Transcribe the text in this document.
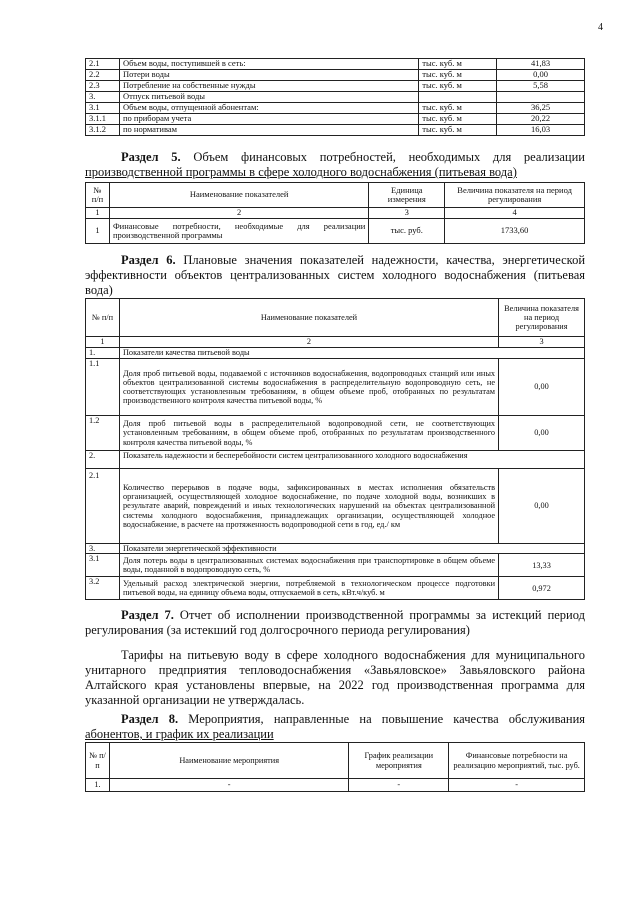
4
2.1	Объем воды, поступившей в сеть:	тыс. куб. м	41,83
2.2	Потери воды	тыс. куб. м	0,00
2.3	Потребление на собственные нужды	тыс. куб. м	5,58
3.	Отпуск питьевой воды		
3.1	Объем воды, отпущенной абонентам:	тыс. куб. м	36,25
3.1.1	по приборам учета	тыс. куб. м	20,22
3.1.2	по нормативам	тыс. куб. м	16,03
Раздел 5. Объем финансовых потребностей, необходимых для реализации
производственной программы в сфере холодного водоснабжения (питьевая вода)
№ п/п	Наименование показателей	Единица измерения	Величина показателя на период регулирования
1	2	3	4
1	Финансовые потребности, необходимые для реализации производственной программы	тыс. руб.	1733,60
Раздел 6. Плановые значения показателей надежности, качества, энергетической
эффективности объектов централизованных систем холодного водоснабжения (питьевая
вода)
№ п/п	Наименование показателей	Величина показателя на период регулирования
1	2	3
1.	Показатели качества питьевой воды	
1.1	Доля проб питьевой воды, подаваемой с источников водоснабжения, водопроводных станций или иных объектов централизованной системы водоснабжения в распределительную водопроводную сеть, не соответствующих установленным требованиям, в общем объеме проб, отобранных по результатам производственного контроля качества питьевой воды, %	0,00
1.2	Доля проб питьевой воды в распределительной водопроводной сети, не соответствующих установленным требованиям, в общем объеме проб, отобранных по результатам производственного контроля качества питьевой воды, %	0,00
2.	Показатель надежности и бесперебойности систем централизованного холодного водоснабжения	
2.1	Количество перерывов в подаче воды, зафиксированных в местах исполнения обязательств организацией, осуществляющей холодное водоснабжение, по подаче холодной воды, возникших в результате аварий, повреждений и иных технологических нарушений на объектах централизованной системы холодного водоснабжения, принадлежащих организации, осуществляющей холодное водоснабжение, в расчете на протяженность водопроводной сети в год, ед./ км	0,00
3.	Показатели энергетической эффективности	
3.1	Доля потерь воды в централизованных системах водоснабжения при транспортировке в общем объеме воды, поданной в водопроводную сеть, %	13,33
3.2	Удельный расход электрической энергии, потребляемой в технологическом процессе подготовки питьевой воды, на единицу объема воды, отпускаемой в сеть, кВт.ч/куб. м	0,972
Раздел 7. Отчет об исполнении производственной программы за истекций период
регулирования (за истекший год долгосрочного периода регулирования)
Тарифы на питьевую воду в сфере холодного водоснабжения для муниципального унитарного предприятия тепловодоснабжения «Завьяловское» Завьяловского района Алтайского края установлены впервые, на 2022 год производственная программа для указанной организации не утверждалась.
Раздел 8. Мероприятия, направленные на повышение качества обслуживания
абонентов, и график их реализации
№ п/п	Наименование мероприятия	График реализации мероприятия	Финансовые потребности на реализацию мероприятий, тыс. руб.
1.	-	-	-
